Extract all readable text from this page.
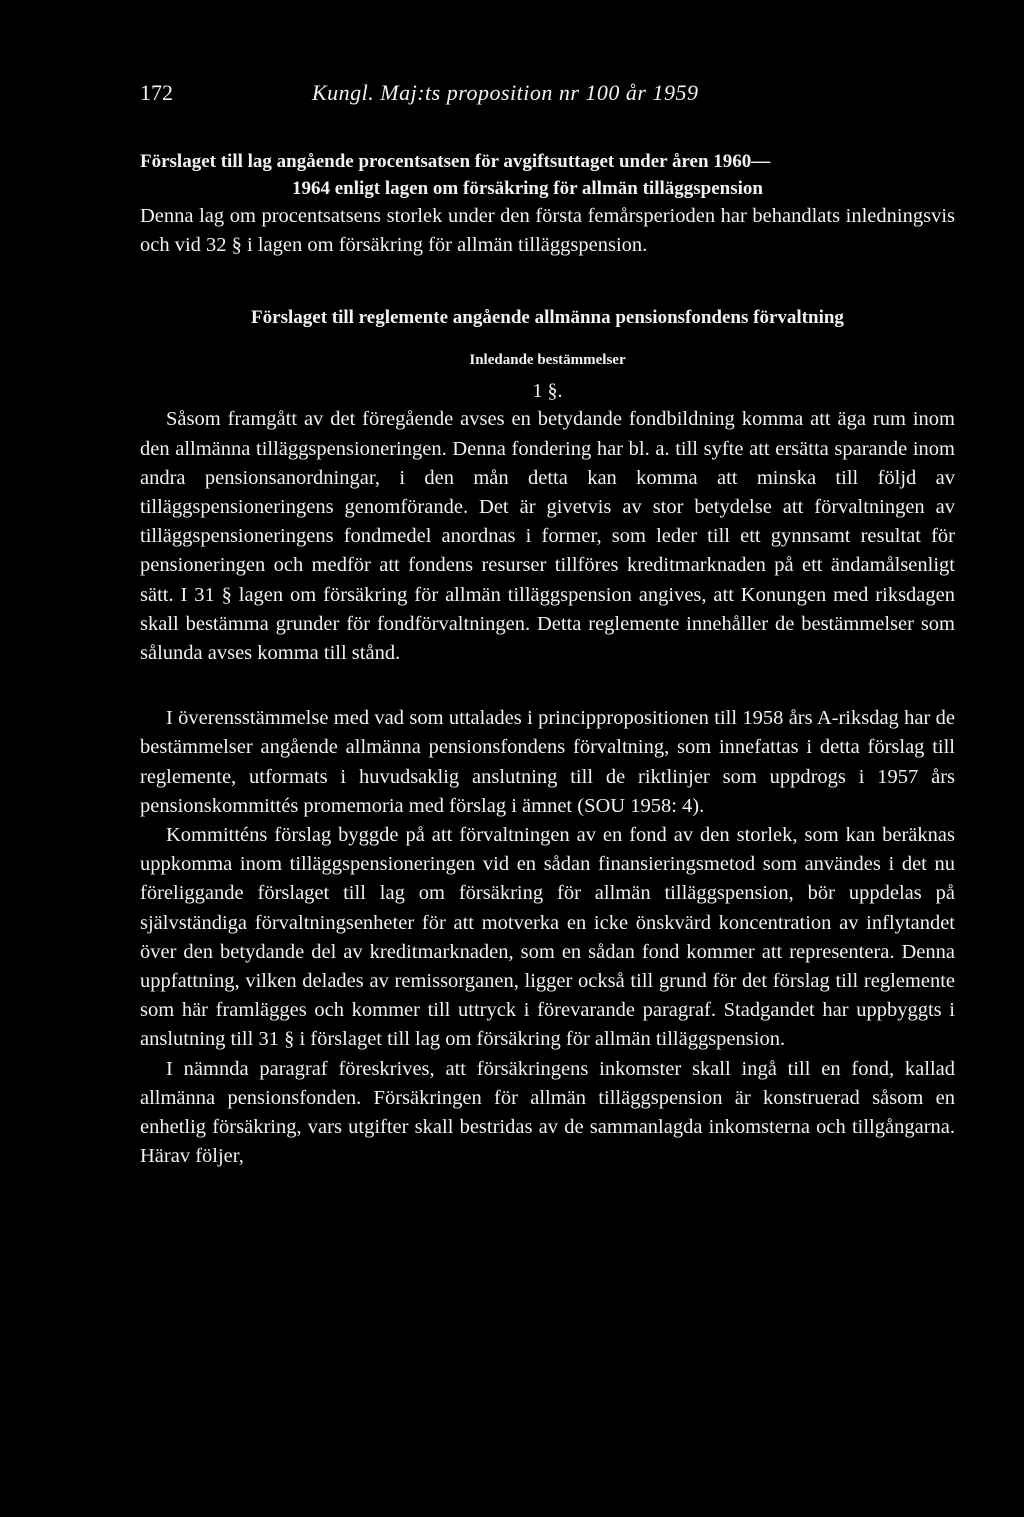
172	Kungl. Maj:ts proposition nr 100 år 1959
Förslaget till lag angående procentsatsen för avgiftsuttaget under åren 1960—
1964 enligt lagen om försäkring för allmän tilläggspension

Denna lag om procentsatsens storlek under den första femårsperioden har behandlats inledningsvis och vid 32 § i lagen om försäkring för allmän tilläggspension.

Förslaget till reglemente angående allmänna pensionsfondens förvaltning
Inledande bestämmelser
1 §.

Såsom framgått av det föregående avses en betydande fondbildning komma att äga rum inom den allmänna tilläggspensioneringen. Denna fondering har bl. a. till syfte att ersätta sparande inom andra pensionsanordningar, i den mån detta kan komma att minska till följd av tilläggspensioneringens genomförande. Det är givetvis av stor betydelse att förvaltningen av tilläggspensioneringens fondmedel anordnas i former, som leder till ett gynnsamt resultat för pensioneringen och medför att fondens resurser tillföres kreditmarknaden på ett ändamålsenligt sätt. I 31 § lagen om försäkring för allmän tilläggspension angives, att Konungen med riksdagen skall bestämma grunder för fondförvaltningen. Detta reglemente innehåller de bestämmelser som sålunda avses komma till stånd.

I överensstämmelse med vad som uttalades i princippropositionen till 1958 års A-riksdag har de bestämmelser angående allmänna pensionsfondens förvaltning, som innefattas i detta förslag till reglemente, utformats i huvudsaklig anslutning till de riktlinjer som uppdrogs i 1957 års pensionskommittés promemoria med förslag i ämnet (SOU 1958: 4).

Kommitténs förslag byggde på att förvaltningen av en fond av den storlek, som kan beräknas uppkomma inom tilläggspensioneringen vid en sådan finansieringsmetod som användes i det nu föreliggande förslaget till lag om försäkring för allmän tilläggspension, bör uppdelas på självständiga förvaltningsenheter för att motverka en icke önskvärd koncentration av inflytandet över den betydande del av kreditmarknaden, som en sådan fond kommer att representera. Denna uppfattning, vilken delades av remissorganen, ligger också till grund för det förslag till reglemente som här framlägges och kommer till uttryck i förevarande paragraf. Stadgandet har uppbyggts i anslutning till 31 § i förslaget till lag om försäkring för allmän tilläggspension.

I nämnda paragraf föreskrives, att försäkringens inkomster skall ingå till en fond, kallad allmänna pensionsfonden. Försäkringen för allmän tilläggspension är konstruerad såsom en enhetlig försäkring, vars utgifter skall bestridas av de sammanlagda inkomsterna och tillgångarna. Härav följer,
